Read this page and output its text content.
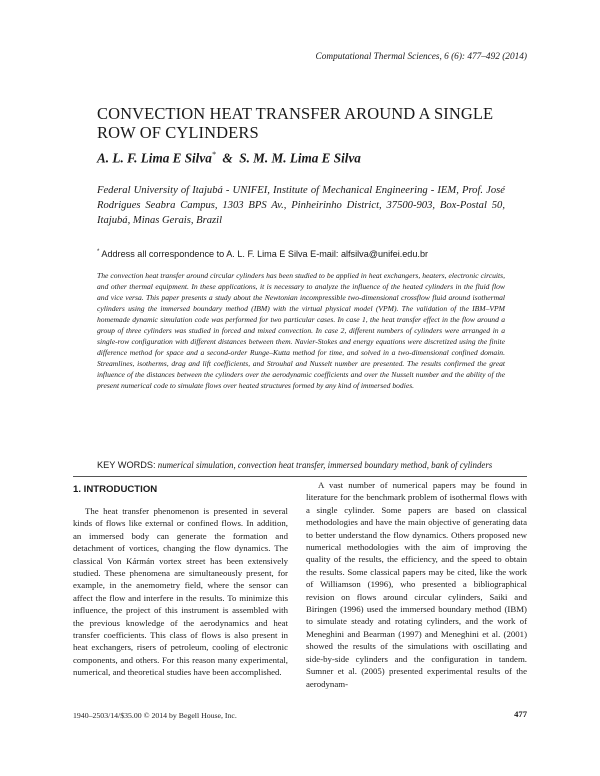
Computational Thermal Sciences, 6 (6): 477–492 (2014)
CONVECTION HEAT TRANSFER AROUND A SINGLE ROW OF CYLINDERS
A. L. F. Lima E Silva* & S. M. M. Lima E Silva
Federal University of Itajubá - UNIFEI, Institute of Mechanical Engineering - IEM, Prof. José Rodrigues Seabra Campus, 1303 BPS Av., Pinheirinho District, 37500-903, Box-Postal 50, Itajubá, Minas Gerais, Brazil
* Address all correspondence to A. L. F. Lima E Silva E-mail: alfsilva@unifei.edu.br
The convection heat transfer around circular cylinders has been studied to be applied in heat exchangers, heaters, electronic circuits, and other thermal equipment. In these applications, it is necessary to analyze the influence of the heated cylinders in the fluid flow and vice versa. This paper presents a study about the Newtonian incompressible two-dimensional crossflow fluid around isothermal cylinders using the immersed boundary method (IBM) with the virtual physical model (VPM). The validation of the IBM–VPM homemade dynamic simulation code was performed for two particular cases. In case 1, the heat transfer effect in the flow around a group of three cylinders was studied in forced and mixed convection. In case 2, different numbers of cylinders were arranged in a single-row configuration with different distances between them. Navier-Stokes and energy equations were discretized using the finite difference method for space and a second-order Runge–Kutta method for time, and solved in a two-dimensional confined domain. Streamlines, isotherms, drag and lift coefficients, and Strouhal and Nusselt number are presented. The results confirmed the great influence of the distances between the cylinders over the aerodynamic coefficients and over the Nusselt number and the ability of the present numerical code to simulate flows over heated structures formed by any kind of immersed bodies.
KEY WORDS: numerical simulation, convection heat transfer, immersed boundary method, bank of cylinders
1. INTRODUCTION
The heat transfer phenomenon is presented in several kinds of flows like external or confined flows. In addition, an immersed body can generate the formation and detachment of vortices, changing the flow dynamics. The classical Von Kármán vortex street has been extensively studied. These phenomena are simultaneously present, for example, in the anemometry field, where the sensor can affect the flow and interfere in the results. To minimize this influence, the project of this instrument is assembled with the previous knowledge of the aerodynamics and heat transfer coefficients. This class of flows is also present in heat exchangers, risers of petroleum, cooling of electronic components, and others. For this reason many experimental, numerical, and theoretical studies have been accomplished.
A vast number of numerical papers may be found in literature for the benchmark problem of isothermal flows with a single cylinder. Some papers are based on classical methodologies and have the main objective of generating data to better understand the flow dynamics. Others proposed new numerical methodologies with the aim of improving the quality of the results, the efficiency, and the speed to obtain the results. Some classical papers may be cited, like the work of Williamson (1996), who presented a bibliographical revision on flows around circular cylinders, Saiki and Biringen (1996) used the immersed boundary method (IBM) to simulate steady and rotating cylinders, and the work of Meneghini and Bearman (1997) and Meneghini et al. (2001) showed the results of the simulations with oscillating and side-by-side cylinders and the configuration in tandem. Sumner et al. (2005) presented experimental results of the aerodynam-
1940–2503/14/$35.00 © 2014 by Begell House, Inc.	477
